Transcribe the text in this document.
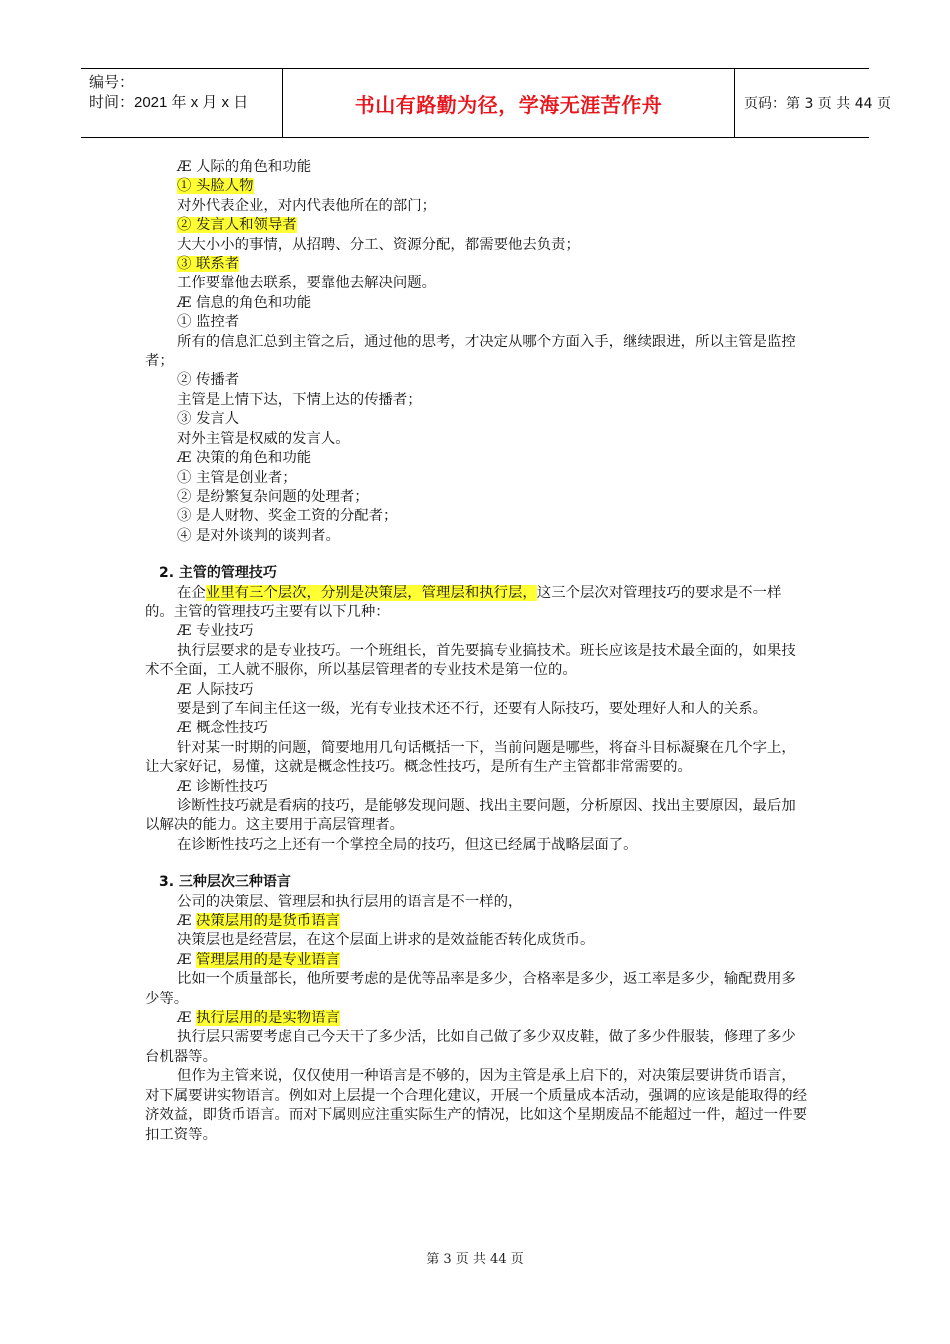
编号：
时间：2021 年 x 月 x 日	书山有路勤为径，学海无涯苦作舟	页码：第 3 页 共 44 页

Æ 人际的角色和功能

① 头脸人物

对外代表企业，对内代表他所在的部门；

② 发言人和领导者

大大小小的事情，从招聘、分工、资源分配，都需要他去负责；

③ 联系者

工作要靠他去联系，要靠他去解决问题。

Æ 信息的角色和功能

① 监控者

所有的信息汇总到主管之后，通过他的思考，才决定从哪个方面入手，继续跟进，所以主管是监控者；

② 传播者

主管是上情下达，下情上达的传播者；

③ 发言人

对外主管是权威的发言人。

Æ 决策的角色和功能

① 主管是创业者；

② 是纷繁复杂问题的处理者；

③ 是人财物、奖金工资的分配者；

④ 是对外谈判的谈判者。

2. 主管的管理技巧

在企业里有三个层次，分别是决策层，管理层和执行层，这三个层次对管理技巧的要求是不一样的。主管的管理技巧主要有以下几种：

Æ 专业技巧

执行层要求的是专业技巧。一个班组长，首先要搞专业搞技术。班长应该是技术最全面的，如果技术不全面，工人就不服你，所以基层管理者的专业技术是第一位的。

Æ 人际技巧

要是到了车间主任这一级，光有专业技术还不行，还要有人际技巧，要处理好人和人的关系。

Æ 概念性技巧

针对某一时期的问题，简要地用几句话概括一下，当前问题是哪些，将奋斗目标凝聚在几个字上，让大家好记，易懂，这就是概念性技巧。概念性技巧，是所有生产主管都非常需要的。

Æ 诊断性技巧

诊断性技巧就是看病的技巧，是能够发现问题、找出主要问题，分析原因、找出主要原因，最后加以解决的能力。这主要用于高层管理者。

在诊断性技巧之上还有一个掌控全局的技巧，但这已经属于战略层面了。

3. 三种层次三种语言

公司的决策层、管理层和执行层用的语言是不一样的，

Æ 决策层用的是货币语言

决策层也是经营层，在这个层面上讲求的是效益能否转化成货币。

Æ 管理层用的是专业语言

比如一个质量部长，他所要考虑的是优等品率是多少，合格率是多少，返工率是多少，输配费用多少等。

Æ 执行层用的是实物语言

执行层只需要考虑自己今天干了多少活，比如自己做了多少双皮鞋，做了多少件服装，修理了多少台机器等。

但作为主管来说，仅仅使用一种语言是不够的，因为主管是承上启下的，对决策层要讲货币语言，对下属要讲实物语言。例如对上层提一个合理化建议，开展一个质量成本活动，强调的应该是能取得的经济效益，即货币语言。而对下属则应注重实际生产的情况，比如这个星期废品不能超过一件，超过一件要扣工资等。

第 3 页 共 44 页
